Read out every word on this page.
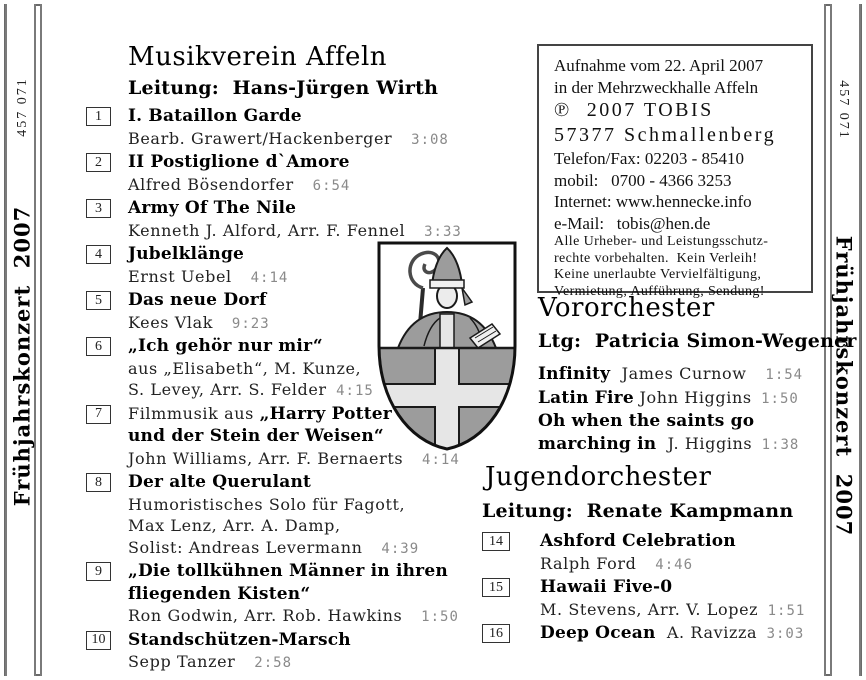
457 071
Frühjahrskonzert  2007
457 071
Frühjahrskonzert  2007
Musikverein Affeln
Leitung:  Hans-Jürgen Wirth
1	I. Bataillon Garde
Bearb. Grawert/Hackenberger  3:08
2	II Postiglione d`Amore
Alfred Bösendorfer  6:54
3	Army Of The Nile
Kenneth J. Alford, Arr. F. Fennel  3:33
4	Jubelklänge
Ernst Uebel  4:14
5	Das neue Dorf
Kees Vlak  9:23
6	„Ich gehör nur mir“
aus „Elisabeth“, M. Kunze,
S. Levey, Arr. S. Felder 4:15
7	Filmmusik aus „Harry Potter
und der Stein der Weisen“
John Williams, Arr. F. Bernaerts  4:14
8	Der alte Querulant
Humoristisches Solo für Fagott,
Max Lenz, Arr. A. Damp,
Solist: Andreas Levermann  4:39
9	„Die tollkühnen Männer in ihren
fliegenden Kisten“
Ron Godwin, Arr. Rob. Hawkins  1:50
10	Standschützen-Marsch
Sepp Tanzer  2:58
Aufnahme vom 22. April 2007
in der Mehrzweckhalle Affeln
℗  2007 TOBIS
57377 Schmallenberg
Telefon/Fax: 02203 - 85410
mobil:   0700 - 4366 3253
Internet: www.hennecke.info
e-Mail:   tobis@hen.de
Alle Urheber- und Leistungsschutz-
rechte vorbehalten.  Kein Verleih!
Keine unerlaubte Vervielfältigung,
Vermietung, Aufführung, Sendung!
Vororchester
Ltg:  Patricia Simon-Wegener
Infinity  James Curnow  1:54
Latin Fire John Higgins 1:50
Oh when the saints go
marching in  J. Higgins 1:38
Jugendorchester
Leitung:  Renate Kampmann
14	Ashford Celebration
Ralph Ford  4:46
15	Hawaii Five-0
M. Stevens, Arr. V. Lopez 1:51
16	Deep Ocean  A. Ravizza 3:03
